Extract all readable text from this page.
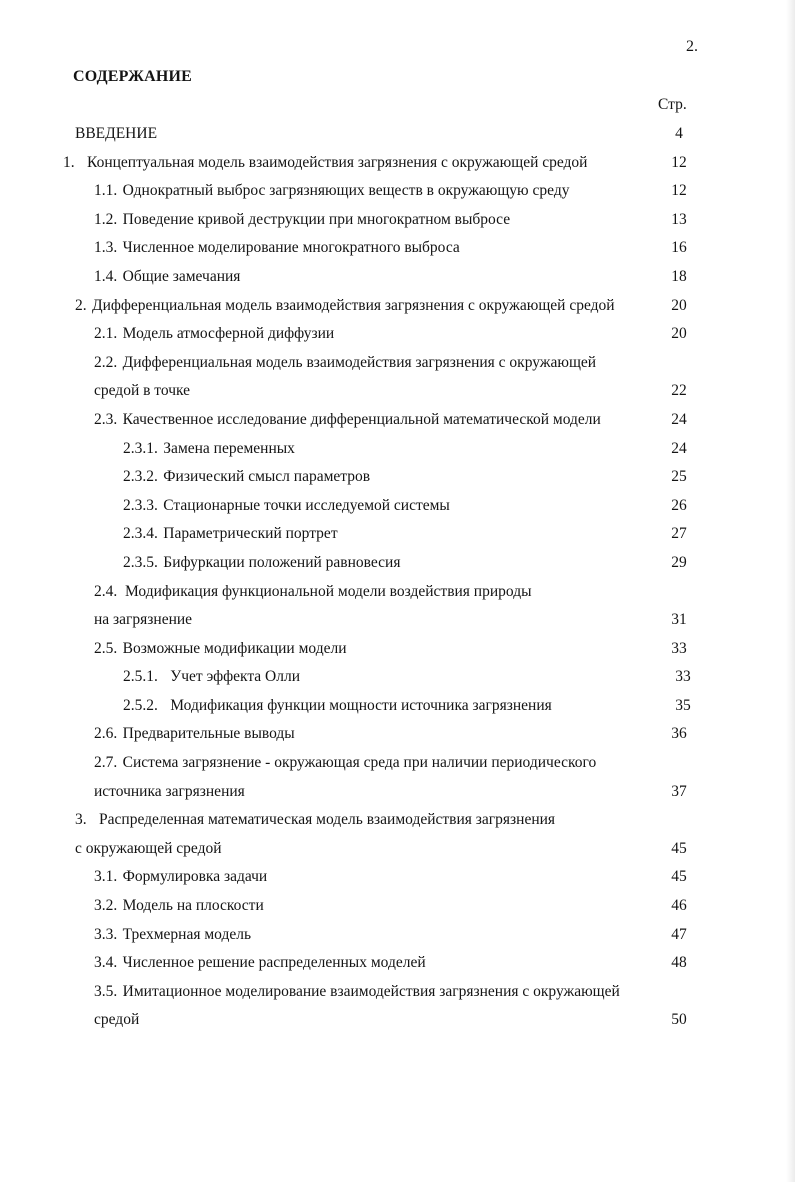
2.
СОДЕРЖАНИЕ
Стр.
ВВЕДЕНИЕ	4
1. Концептуальная модель взаимодействия загрязнения с окружающей средой	12
1.1. Однократный выброс загрязняющих веществ в окружающую среду	12
1.2. Поведение кривой деструкции при многократном выбросе	13
1.3. Численное моделирование многократного выброса	16
1.4. Общие замечания	18
2. Дифференциальная модель взаимодействия загрязнения с окружающей средой	20
2.1. Модель атмосферной диффузии	20
2.2. Дифференциальная модель взаимодействия загрязнения с окружающей
средой в точке	22
2.3. Качественное исследование дифференциальной математической модели	24
2.3.1. Замена переменных	24
2.3.2. Физический смысл параметров	25
2.3.3. Стационарные точки исследуемой системы	26
2.3.4. Параметрический портрет	27
2.3.5. Бифуркации положений равновесия	29
2.4. Модификация функциональной модели воздействия природы
на загрязнение	31
2.5. Возможные модификации модели	33
2.5.1. Учет эффекта Олли	33
2.5.2. Модификация функции мощности источника загрязнения	35
2.6. Предварительные выводы	36
2.7. Система загрязнение - окружающая среда при наличии периодического
источника загрязнения	37
3. Распределенная математическая модель взаимодействия загрязнения
с окружающей средой	45
3.1. Формулировка задачи	45
3.2. Модель на плоскости	46
3.3. Трехмерная модель	47
3.4. Численное решение распределенных моделей	48
3.5. Имитационное моделирование взаимодействия загрязнения с окружающей
средой	50
